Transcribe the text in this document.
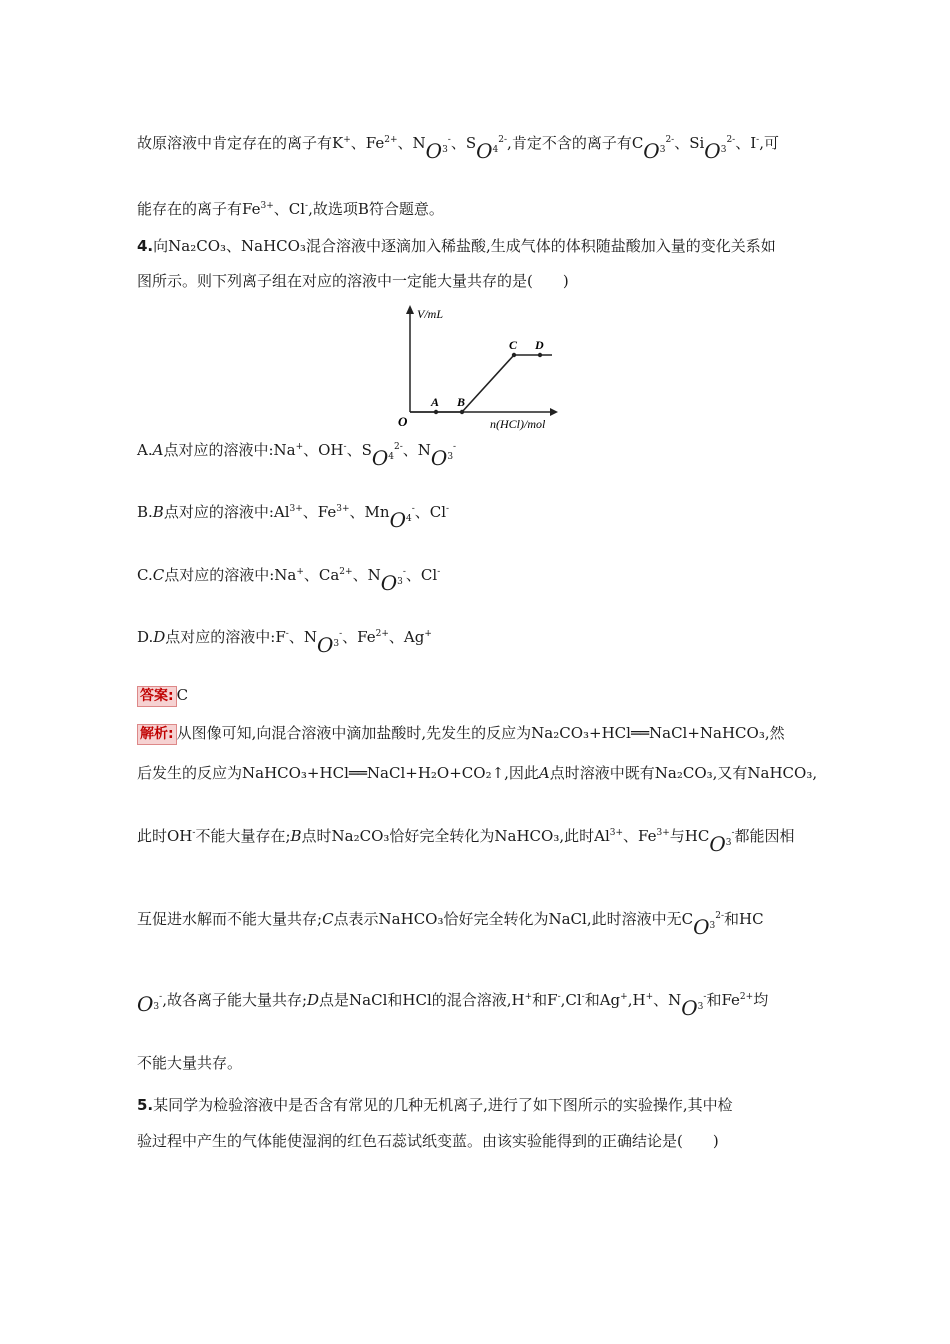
故原溶液中肯定存在的离子有K+、$Fe^{2+}$、$NO_3^-$、$SO_4^{2-}$,肯定不含的离子有$CO_3^{2-}$、SiO$_3^{2-}$、I-,可
能存在的离子有$Fe^{3+}$、Cl-,故选项B符合题意。
4.向Na₂CO₃、NaHCO₃混合溶液中逐滴加入稀盐酸,生成气体的体积随盐酸加入量的变化关系如
图所示。则下列离子组在对应的溶液中一定能大量共存的是(　　)
V/mL
n(HCl)/mol
O
A B
C D
A.A点对应的溶液中:Na+、OH-、$SO_4^{2-}$、$NO_3^-$
B.B点对应的溶液中$:Al^{3+}$、$Fe^{3+}$、MnO$_4$-、Cl-
C.C点对应的溶液中:Na+、$Ca^{2+}$、$NO_3^-$、Cl-
D.D点对应的溶液中:F-、$NO_3^-$、$Fe^{2+}$、Ag+
答案: C
解析: 从图像可知,向混合溶液中滴加盐酸时,先发生的反应为Na₂CO₃+HCl══NaCl+NaHCO₃,然
后发生的反应为NaHCO₃+HCl══NaCl+H₂O+CO₂↑,因此A点时溶液中既有Na₂CO₃,又有NaHCO₃,
此时OH-不能大量存在;B点时Na₂CO₃恰好完全转化为NaHCO₃,此时$Al^{3+}$、$Fe^{3+}$与$HCO_3^-$都能因相
互促进水解而不能大量共存;C点表示NaHCO₃恰好完全转化为NaCl,此时溶液中无$CO_3^{2-}$和HC
$O_3^-$,故各离子能大量共存;D点是NaCl和HCl的混合溶液,H+和F-,Cl-和Ag+,H+、$NO_3^-$和$Fe^{2+}$均
不能大量共存。
5.某同学为检验溶液中是否含有常见的几种无机离子,进行了如下图所示的实验操作,其中检
验过程中产生的气体能使湿润的红色石蕊试纸变蓝。由该实验能得到的正确结论是(　　)
